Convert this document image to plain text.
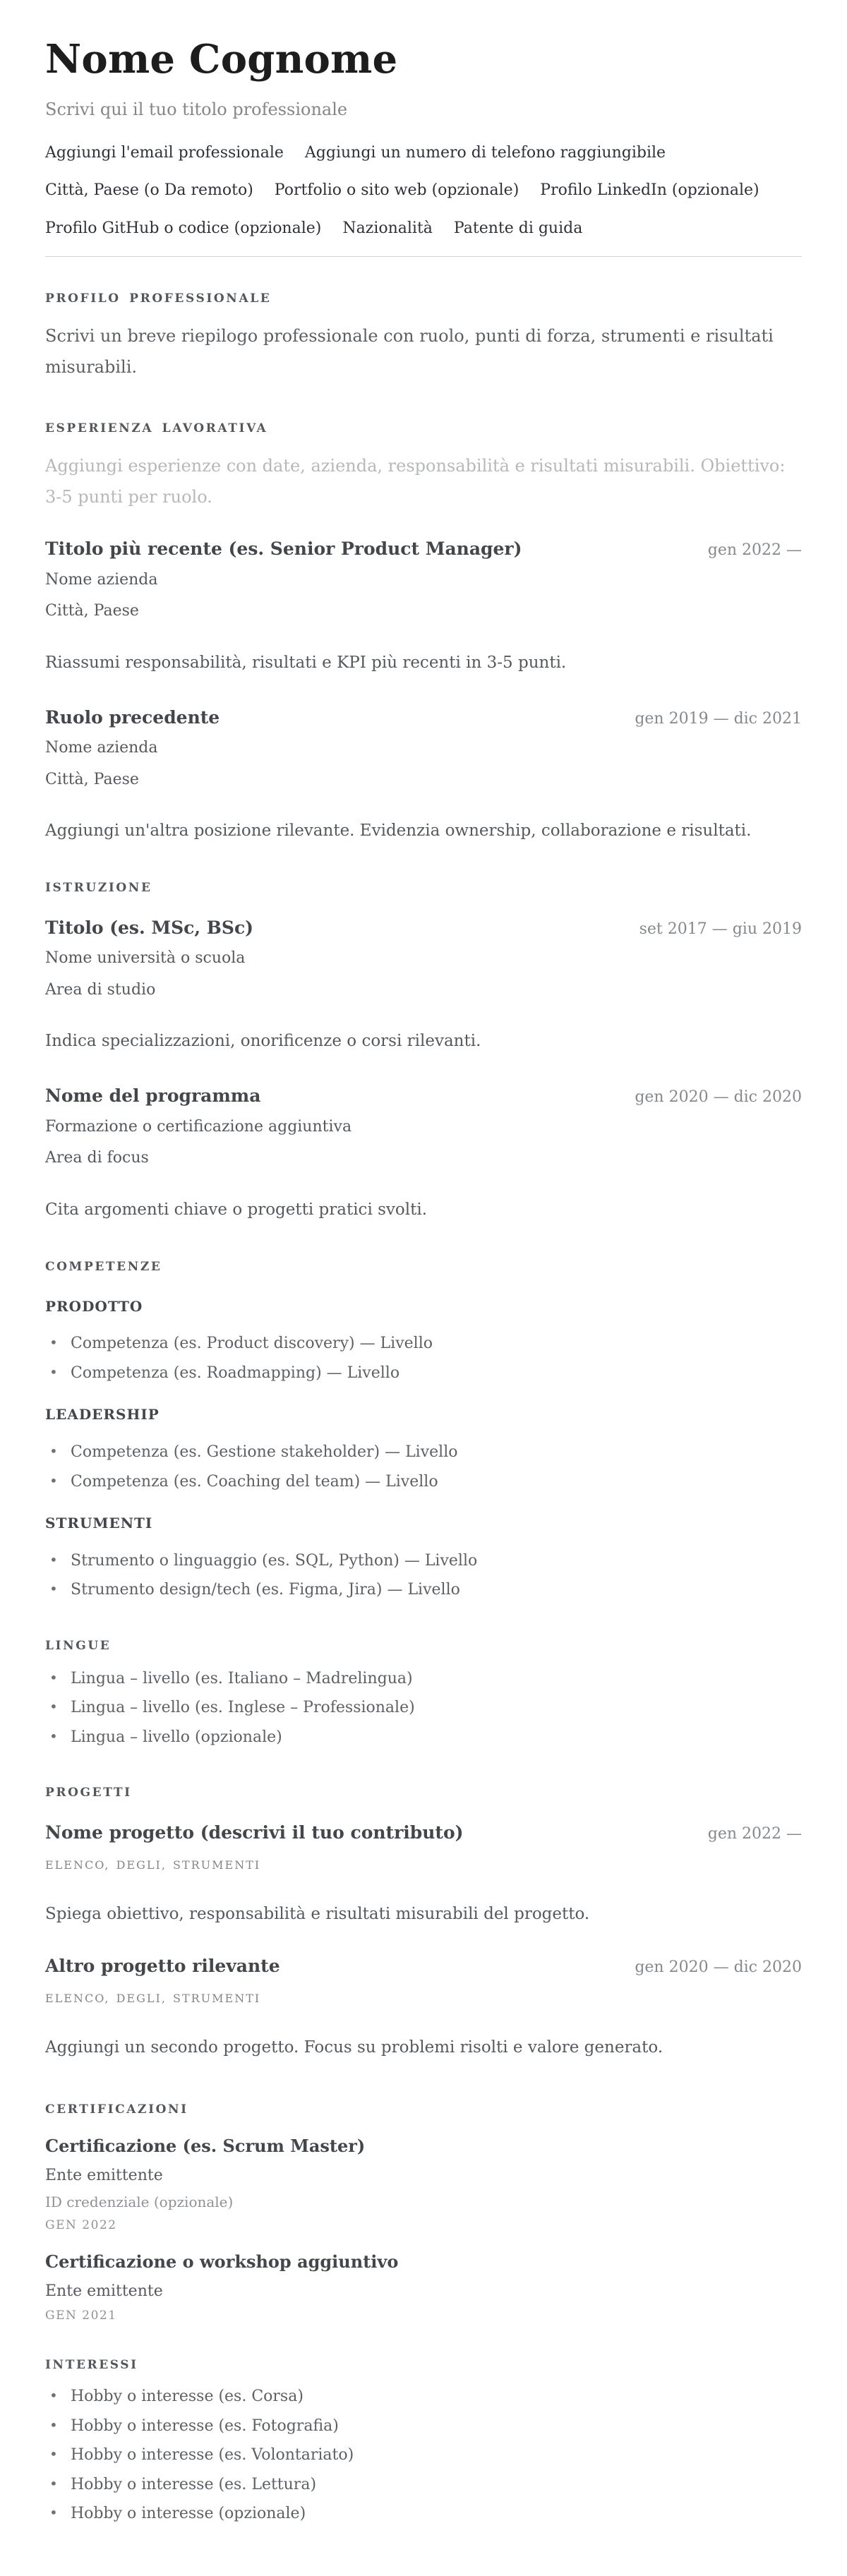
Nome Cognome
Scrivi qui il tuo titolo professionale
Aggiungi l'email professionale Aggiungi un numero di telefono raggiungibile
Città, Paese (o Da remoto) Portfolio o sito web (opzionale) Profilo LinkedIn (opzionale)
Profilo GitHub o codice (opzionale) Nazionalità Patente di guida
PROFILO PROFESSIONALE

Scrivi un breve riepilogo professionale con ruolo, punti di forza, strumenti e risultati misurabili.

ESPERIENZA LAVORATIVA

Aggiungi esperienze con date, azienda, responsabilità e risultati misurabili. Obiettivo: 3-5 punti per ruolo.

Titolo più recente (es. Senior Product Manager)	gen 2022 —
Nome azienda
Città, Paese
Riassumi responsabilità, risultati e KPI più recenti in 3-5 punti.
Ruolo precedente	gen 2019 — dic 2021
Nome azienda
Città, Paese
Aggiungi un'altra posizione rilevante. Evidenzia ownership, collaborazione e risultati.
ISTRUZIONE
Titolo (es. MSc, BSc)	set 2017 — giu 2019
Nome università o scuola
Area di studio
Indica specializzazioni, onorificenze o corsi rilevanti.
Nome del programma	gen 2020 — dic 2020
Formazione o certificazione aggiuntiva
Area di focus
Cita argomenti chiave o progetti pratici svolti.
COMPETENZE
PRODOTTO
• Competenza (es. Product discovery) — Livello
• Competenza (es. Roadmapping) — Livello
LEADERSHIP
• Competenza (es. Gestione stakeholder) — Livello
• Competenza (es. Coaching del team) — Livello
STRUMENTI
• Strumento o linguaggio (es. SQL, Python) — Livello
• Strumento design/tech (es. Figma, Jira) — Livello
LINGUE
• Lingua – livello (es. Italiano – Madrelingua)
• Lingua – livello (es. Inglese – Professionale)
• Lingua – livello (opzionale)
PROGETTI
Nome progetto (descrivi il tuo contributo)	gen 2022 —
ELENCO, DEGLI, STRUMENTI
Spiega obiettivo, responsabilità e risultati misurabili del progetto.
Altro progetto rilevante	gen 2020 — dic 2020
ELENCO, DEGLI, STRUMENTI
Aggiungi un secondo progetto. Focus su problemi risolti e valore generato.
CERTIFICAZIONI
Certificazione (es. Scrum Master)
Ente emittente
ID credenziale (opzionale)
GEN 2022
Certificazione o workshop aggiuntivo
Ente emittente
GEN 2021
INTERESSI
• Hobby o interesse (es. Corsa)
• Hobby o interesse (es. Fotografia)
• Hobby o interesse (es. Volontariato)
• Hobby o interesse (es. Lettura)
• Hobby o interesse (opzionale)
